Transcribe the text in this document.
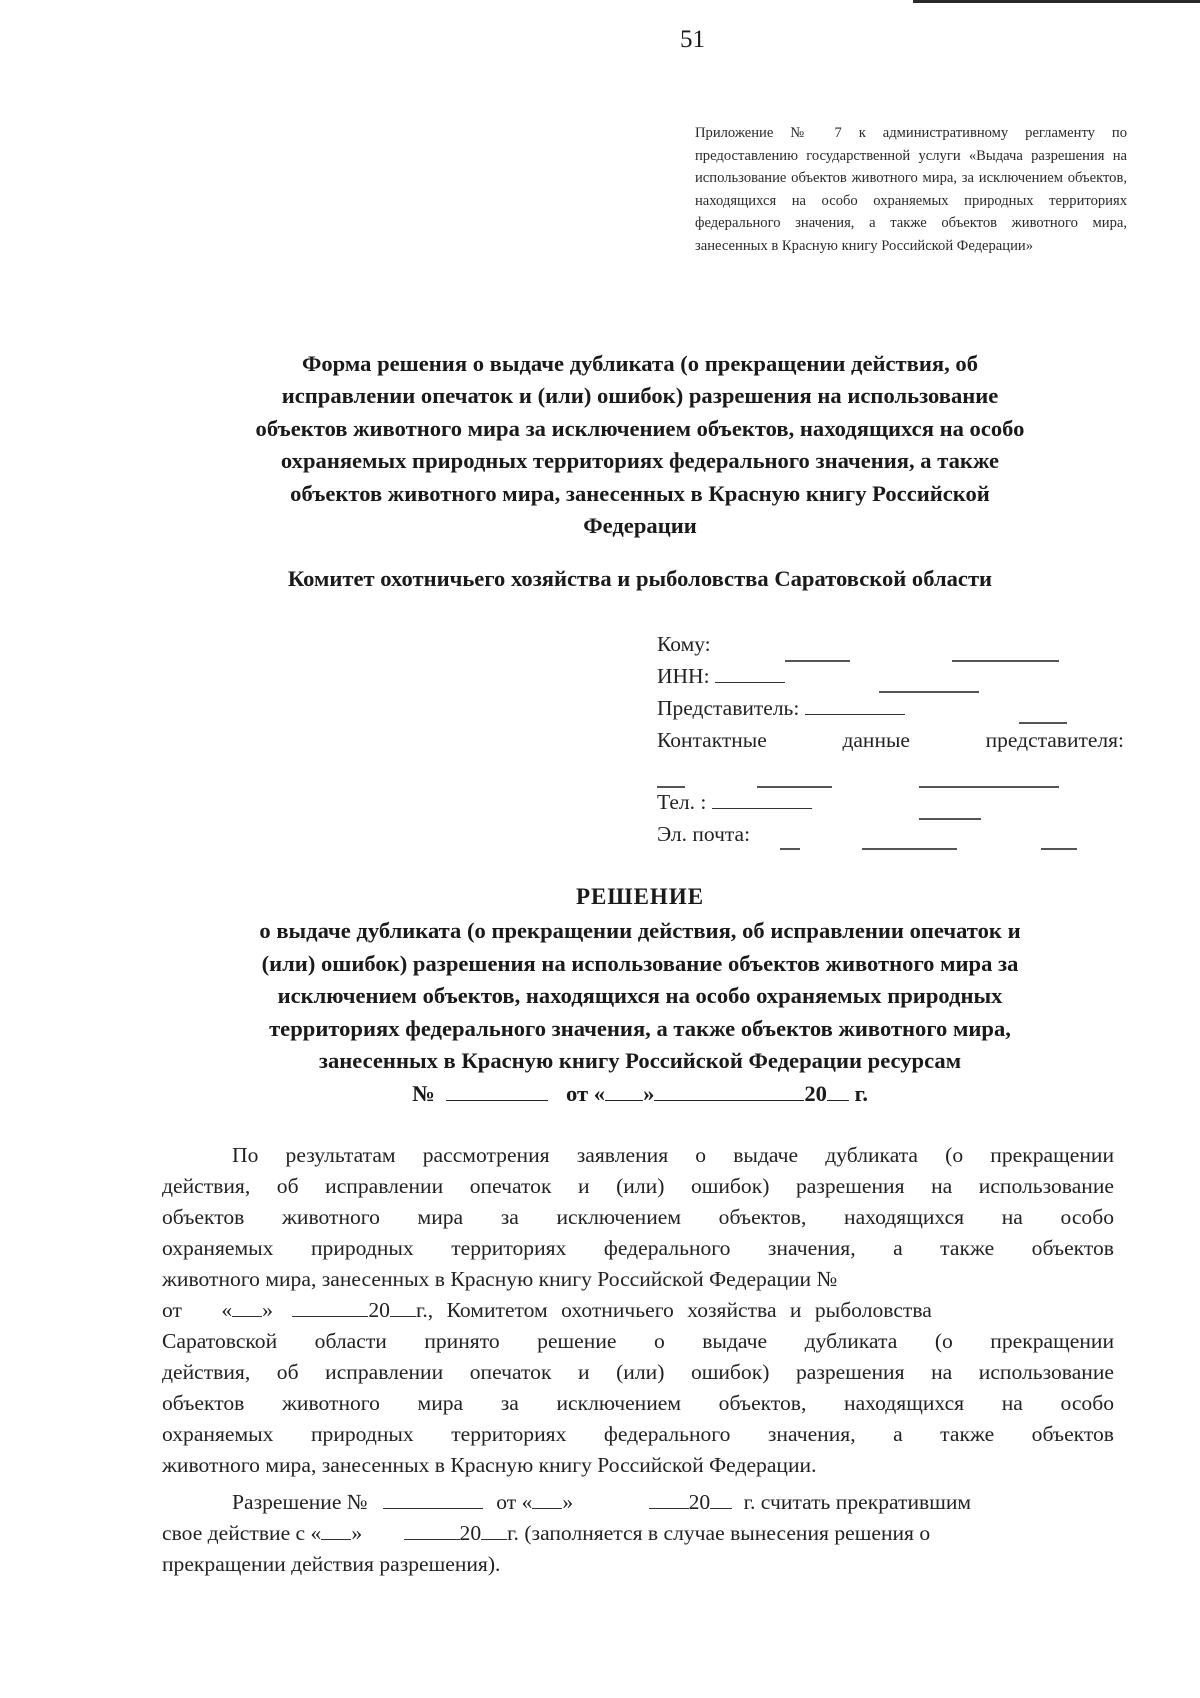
51
Приложение № 7 к административному регламенту по предоставлению государственной услуги «Выдача разрешения на использование объектов животного мира, за исключением объектов, находящихся на особо охраняемых природных территориях федерального значения, а также объектов животного мира, занесенных в Красную книгу Российской Федерации»
Форма решения о выдаче дубликата (о прекращении действия, об
исправлении опечаток и (или) ошибок) разрешения на использование
объектов животного мира за исключением объектов, находящихся на особо
охраняемых природных территориях федерального значения, а также
объектов животного мира, занесенных в Красную книгу Российской
Федерации
Комитет охотничьего хозяйства и рыболовства Саратовской области
Кому:
ИНН:
Представитель:
Контактные	данные	представителя:
Тел. :
Эл. почта:
РЕШЕНИЕ
о выдаче дубликата (о прекращении действия, об исправлении опечаток и
(или) ошибок) разрешения на использование объектов животного мира за
исключением объектов, находящихся на особо охраняемых природных
территориях федерального значения, а также объектов животного мира,
занесенных в Красную книгу Российской Федерации ресурсам
№	от « »	20 г.
По результатам рассмотрения заявления о выдаче дубликата (о прекращении
действия, об исправлении опечаток и (или) ошибок) разрешения на использование
объектов животного мира за исключением объектов, находящихся на особо
охраняемых природных территориях федерального значения, а также объектов
животного мира, занесенных в Красную книгу Российской Федерации №
от « »	20 г., Комитетом охотничьего хозяйства и рыболовства
Саратовской области принято решение о выдаче дубликата (о прекращении
действия, об исправлении опечаток и (или) ошибок) разрешения на использование
объектов животного мира за исключением объектов, находящихся на особо
охраняемых природных территориях федерального значения, а также объектов
животного мира, занесенных в Красную книгу Российской Федерации.
Разрешение №	от « »	20 г. считать прекратившим
свое действие с « »	20 г. (заполняется в случае вынесения решения о
прекращении действия разрешения).
